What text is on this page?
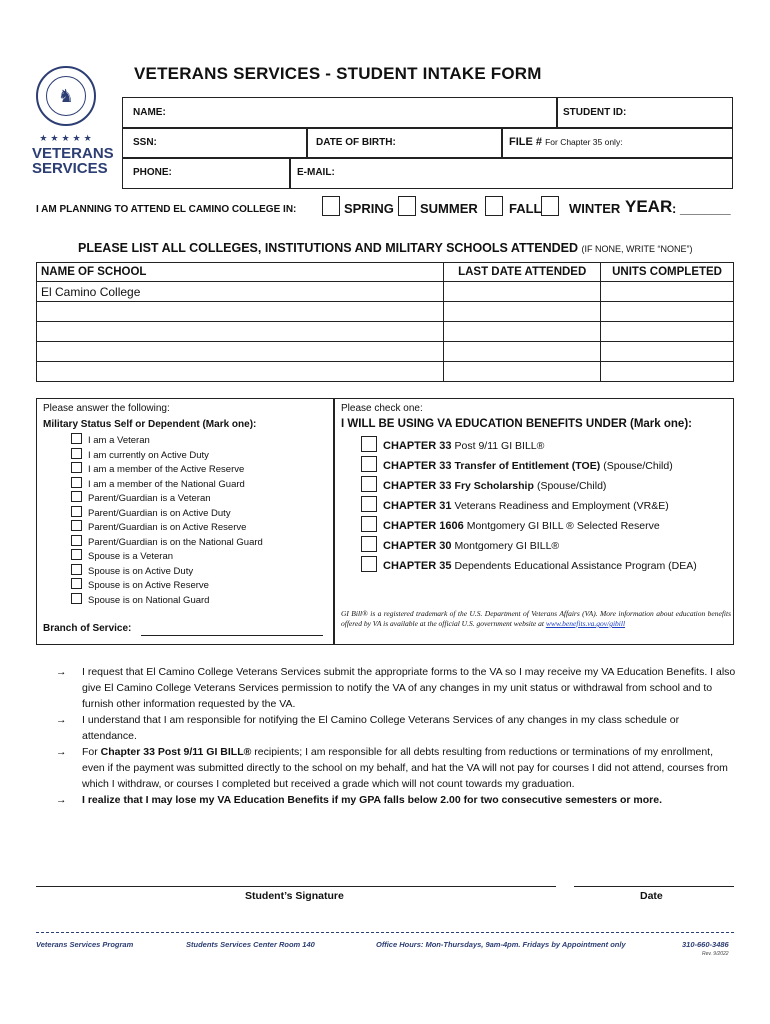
♞
★★★★★
VETERANS
SERVICES
VETERANS SERVICES - STUDENT INTAKE FORM
NAME:	STUDENT ID:
SSN:	DATE OF BIRTH:	FILE # For Chapter 35 only:
PHONE:	E-MAIL:
I AM PLANNING TO ATTEND EL CAMINO COLLEGE IN:	SPRING SUMMER FALL WINTER YEAR : _______
PLEASE LIST ALL COLLEGES, INSTITUTIONS AND MILITARY SCHOOLS ATTENDED (IF NONE, WRITE “NONE”)
NAME OF SCHOOL	LAST DATE ATTENDED	UNITS COMPLETED
El Camino College		

Please answer the following:
Military Status Self or Dependent (Mark one):
I am a Veteran
I am currently on Active Duty
I am a member of the Active Reserve
I am a member of the National Guard
Parent/Guardian is a Veteran
Parent/Guardian is on Active Duty
Parent/Guardian is on Active Reserve
Parent/Guardian is on the National Guard
Spouse is a Veteran
Spouse is on Active Duty
Spouse is on Active Reserve
Spouse is on National Guard
Branch of Service:
Please check one:
I WILL BE USING VA EDUCATION BENEFITS UNDER (Mark one):
CHAPTER 33 Post 9/11 GI BILL®
CHAPTER 33 Transfer of Entitlement (TOE) (Spouse/Child)
CHAPTER 33 Fry Scholarship (Spouse/Child)
CHAPTER 31 Veterans Readiness and Employment (VR&E)
CHAPTER 1606 Montgomery GI BILL ® Selected Reserve
CHAPTER 30 Montgomery GI BILL®
CHAPTER 35 Dependents Educational Assistance Program (DEA)
GI Bill® is a registered trademark of the U.S. Department of Veterans Affairs (VA). More information about education benefits offered by VA is available at the official U.S. government website at www.benefits.va.gov/gibill
→ I request that El Camino College Veterans Services submit the appropriate forms to the VA so I may receive my VA Education Benefits. I also give El Camino College Veterans Services permission to notify the VA of any changes in my unit status or withdrawal from school and to furnish other information requested by the VA.
→ I understand that I am responsible for notifying the El Camino College Veterans Services of any changes in my class schedule or attendance.
→ For Chapter 33 Post 9/11 GI BILL® recipients; I am responsible for all debts resulting from reductions or terminations of my enrollment, even if the payment was submitted directly to the school on my behalf, and hat the VA will not pay for courses I did not attend, courses from which I withdraw, or courses I completed but received a grade which will not count towards my graduation.
→ I realize that I may lose my VA Education Benefits if my GPA falls below 2.00 for two consecutive semesters or more.
Student’s Signature	Date
Veterans Services Program	Students Services Center Room 140	Office Hours: Mon-Thursdays, 9am-4pm. Fridays by Appointment only	310-660-3486
Rev. 9/2022
